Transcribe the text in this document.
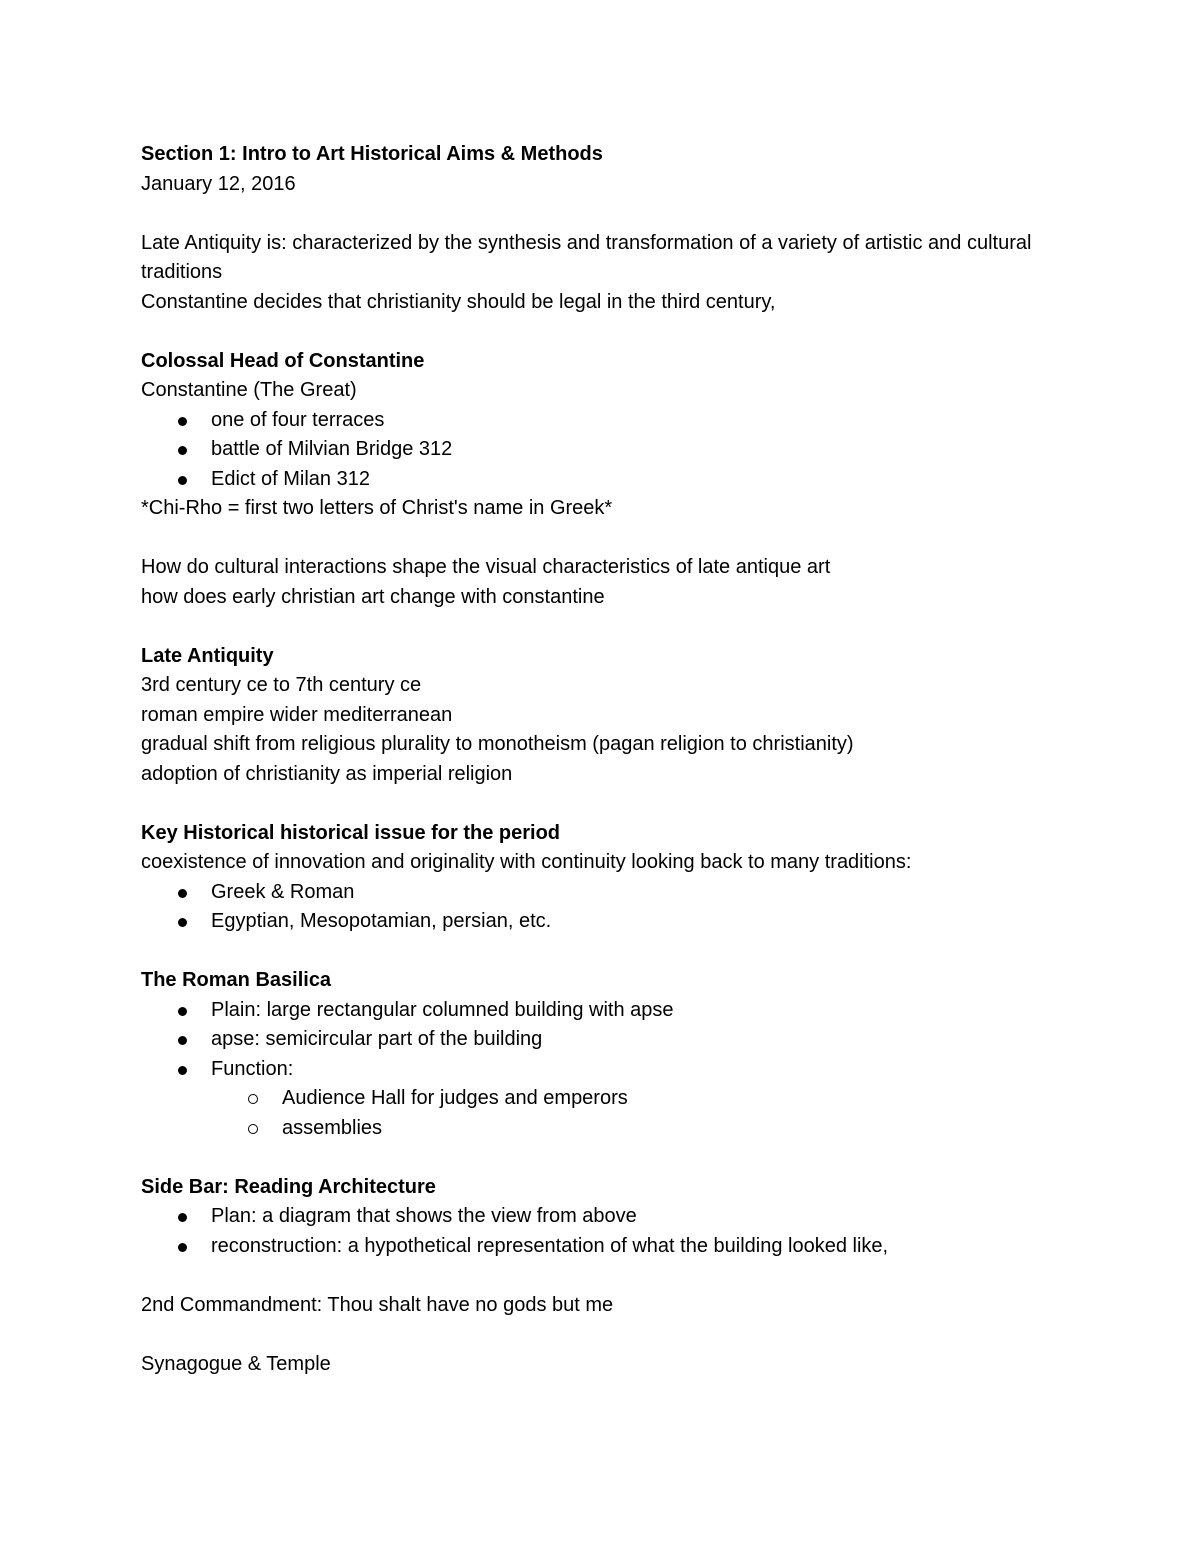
Section 1: Intro to Art Historical Aims & Methods

January 12, 2016

Late Antiquity is: characterized by the synthesis and transformation of a variety of artistic and cultural traditions

Constantine decides that christianity should be legal in the third century,

Colossal Head of Constantine

Constantine (The Great)

one of four terraces
battle of Milvian Bridge 312
Edict of Milan 312

*Chi-Rho = first two letters of Christ's name in Greek*

How do cultural interactions shape the visual characteristics of late antique art

how does early christian art change with constantine

Late Antiquity

3rd century ce to 7th century ce

roman empire wider mediterranean

gradual shift from religious plurality to monotheism (pagan religion to christianity)

adoption of christianity as imperial religion

Key Historical historical issue for the period

coexistence of innovation and originality with continuity looking back to many traditions:

Greek & Roman
Egyptian, Mesopotamian, persian, etc.

The Roman Basilica

Plain: large rectangular columned building with apse
apse: semicircular part of the building
Function:
Audience Hall for judges and emperors
assemblies

Side Bar: Reading Architecture

Plan: a diagram that shows the view from above
reconstruction: a hypothetical representation of what the building looked like,

2nd Commandment: Thou shalt have no gods but me

Synagogue & Temple
